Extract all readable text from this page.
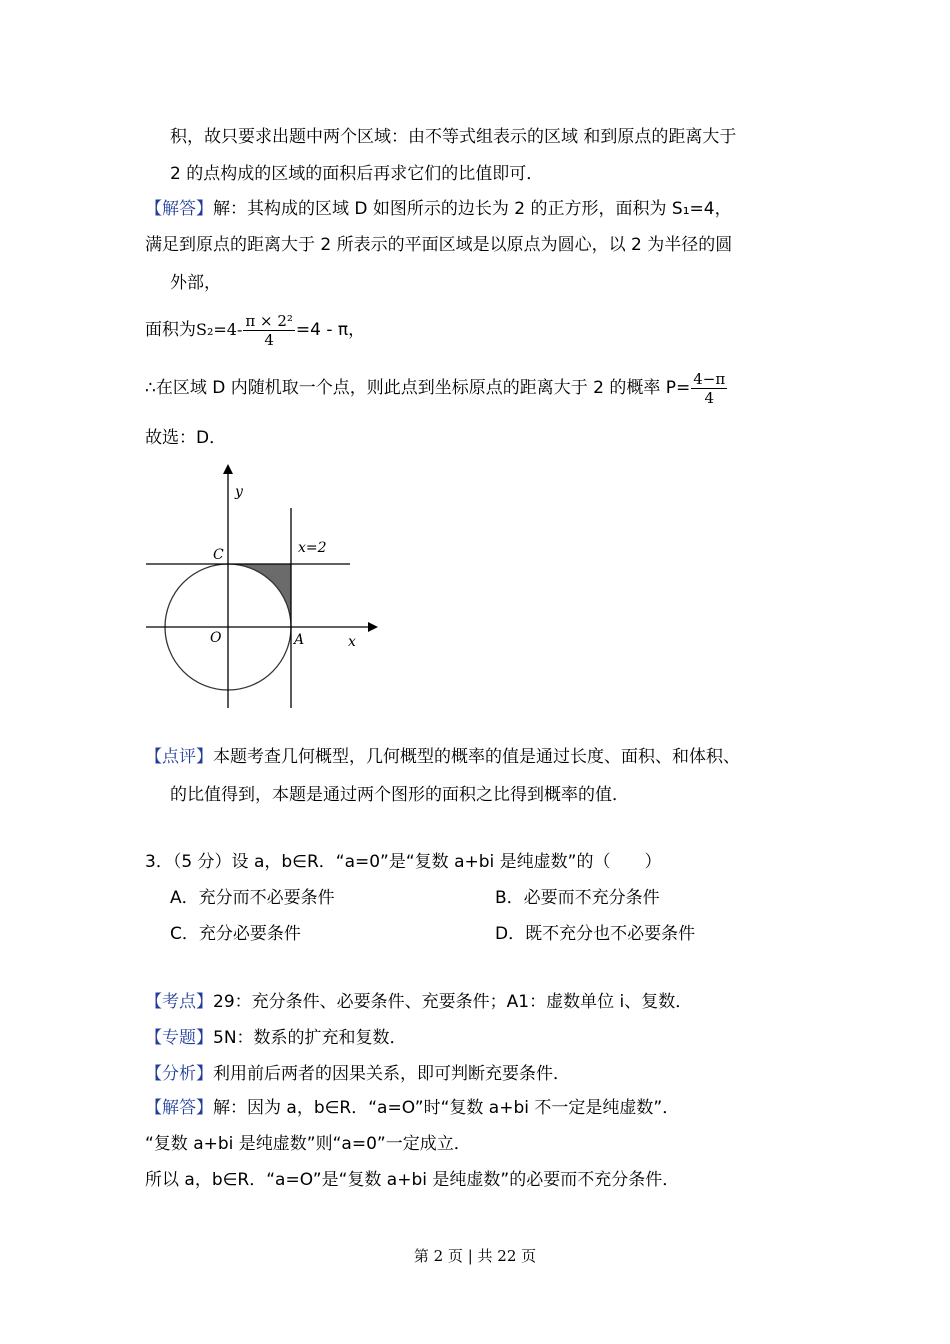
积，故只要求出题中两个区域：由不等式组表示的区域 和到原点的距离大于
2 的点构成的区域的面积后再求它们的比值即可．
【解答】解：其构成的区域 D 如图所示的边长为 2 的正方形，面积为 S₁=4，
满足到原点的距离大于 2 所表示的平面区域是以原点为圆心，以 2 为半径的圆
外部，
面积为$S_2=4- \frac{\text{π × 2²}}{4} =4 - \pi$，
∴在区域 D 内随机取一个点，则此点到坐标原点的距离大于 2 的概率 $P= \frac{4-\pi}{4}$
故选：D．
y
x
C
O	A
x=2
【点评】本题考查几何概型，几何概型的概率的值是通过长度、面积、和体积、
的比值得到，本题是通过两个图形的面积之比得到概率的值．
3．（5 分）设 a，b∈R．“a=0”是“复数 a+bi 是纯虚数”的（　　）
A．充分而不必要条件	B．必要而不充分条件
C．充分必要条件	D．既不充分也不必要条件
【考点】29：充分条件、必要条件、充要条件；A1：虚数单位 i、复数．
【专题】5N：数系的扩充和复数．
【分析】利用前后两者的因果关系，即可判断充要条件．
【解答】解：因为 a，b∈R．“a=O”时“复数 a+bi 不一定是纯虚数”．
“复数 a+bi 是纯虚数”则“a=0”一定成立．
所以 a，b∈R．“a=O”是“复数 a+bi 是纯虚数”的必要而不充分条件．
第 2 页 | 共 22 页
